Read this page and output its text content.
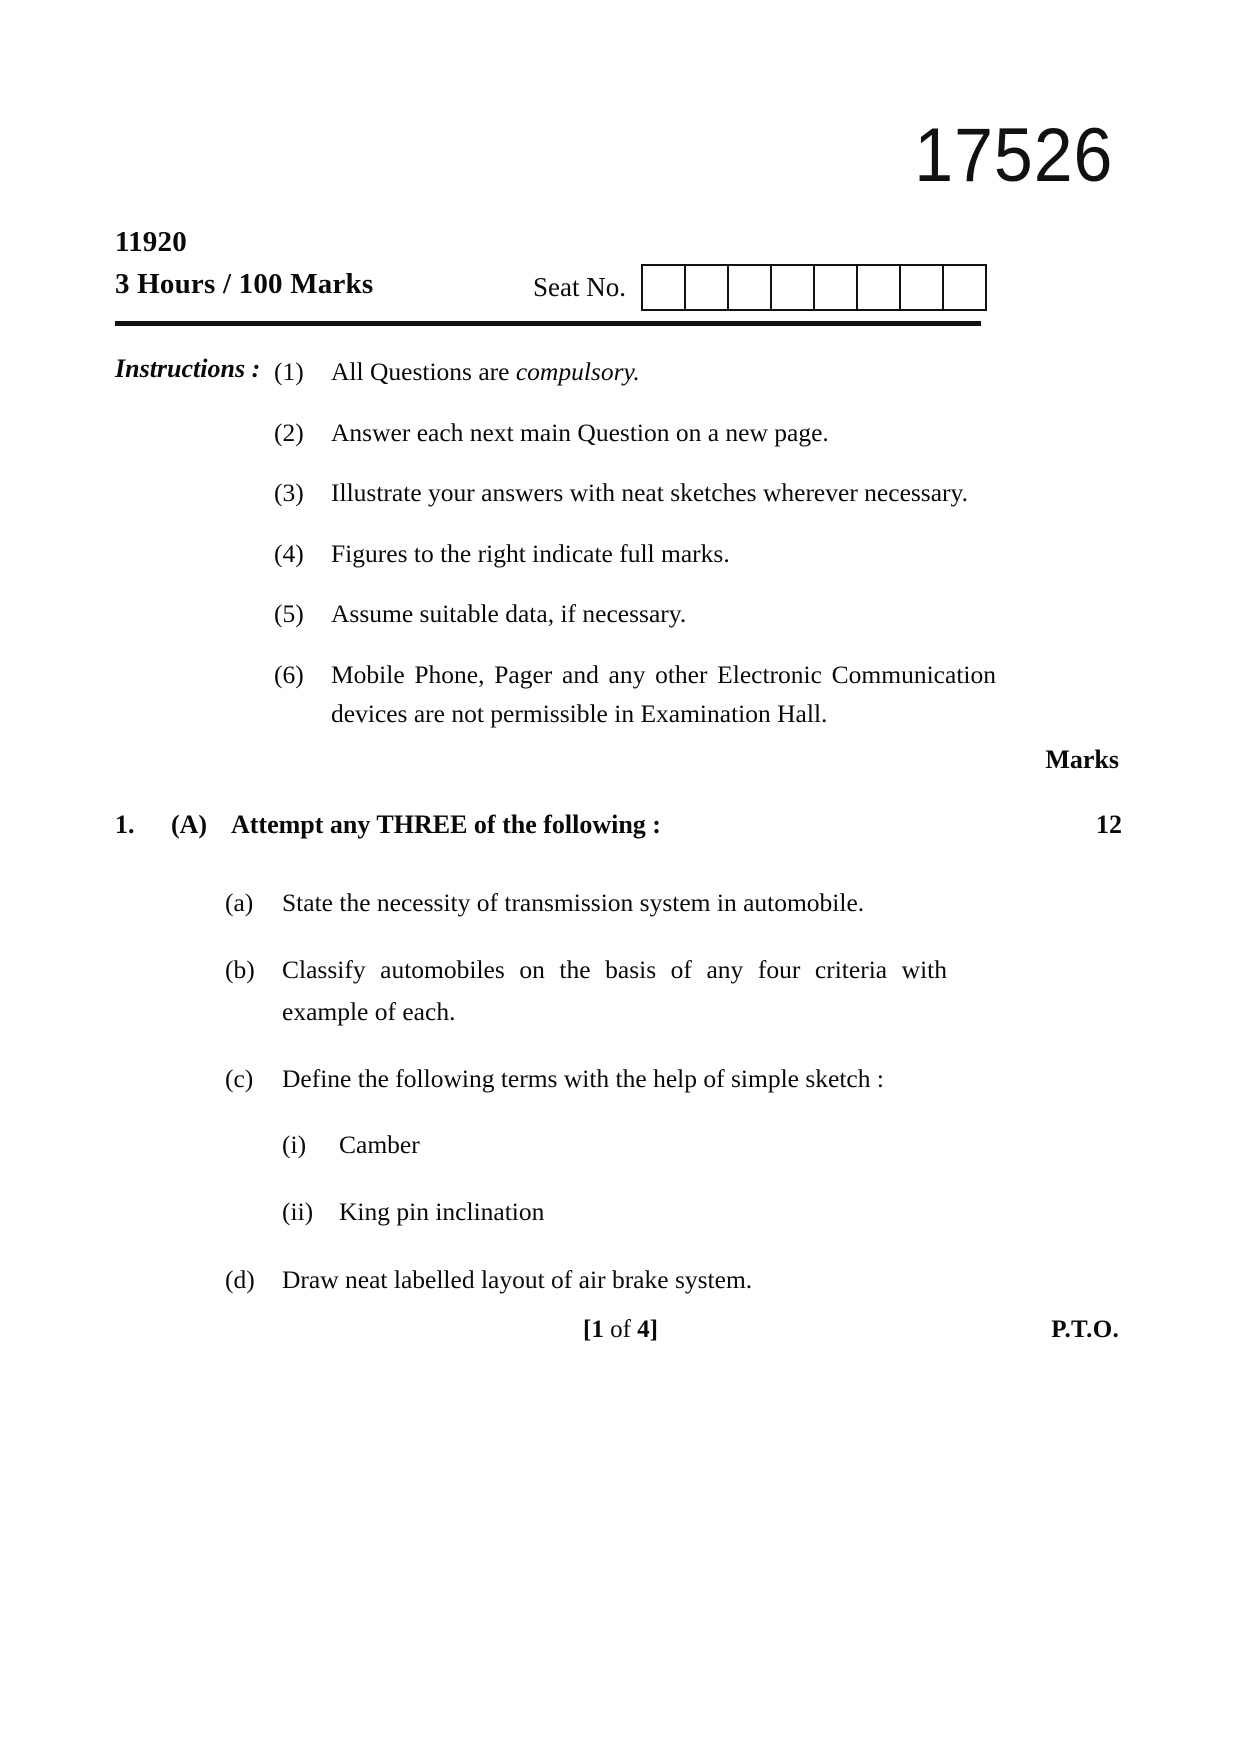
17526
11920
3 Hours / 100 Marks	Seat No.
Instructions : (1)	All Questions are compulsory.
(2)	Answer each next main Question on a new page.
(3)	Illustrate your answers with neat sketches wherever necessary.
(4)	Figures to the right indicate full marks.
(5)	Assume suitable data, if necessary.
(6)	Mobile Phone, Pager and any other Electronic Communication devices are not permissible in Examination Hall.
Marks
1.	(A) Attempt any THREE of the following :	12
(a)	State the necessity of transmission system in automobile.
(b)	Classify automobiles on the basis of any four criteria with example of each.
(c)	Define the following terms with the help of simple sketch :
(i)	Camber
(ii)	King pin inclination
(d)	Draw neat labelled layout of air brake system.
[1 of 4]	P.T.O.
